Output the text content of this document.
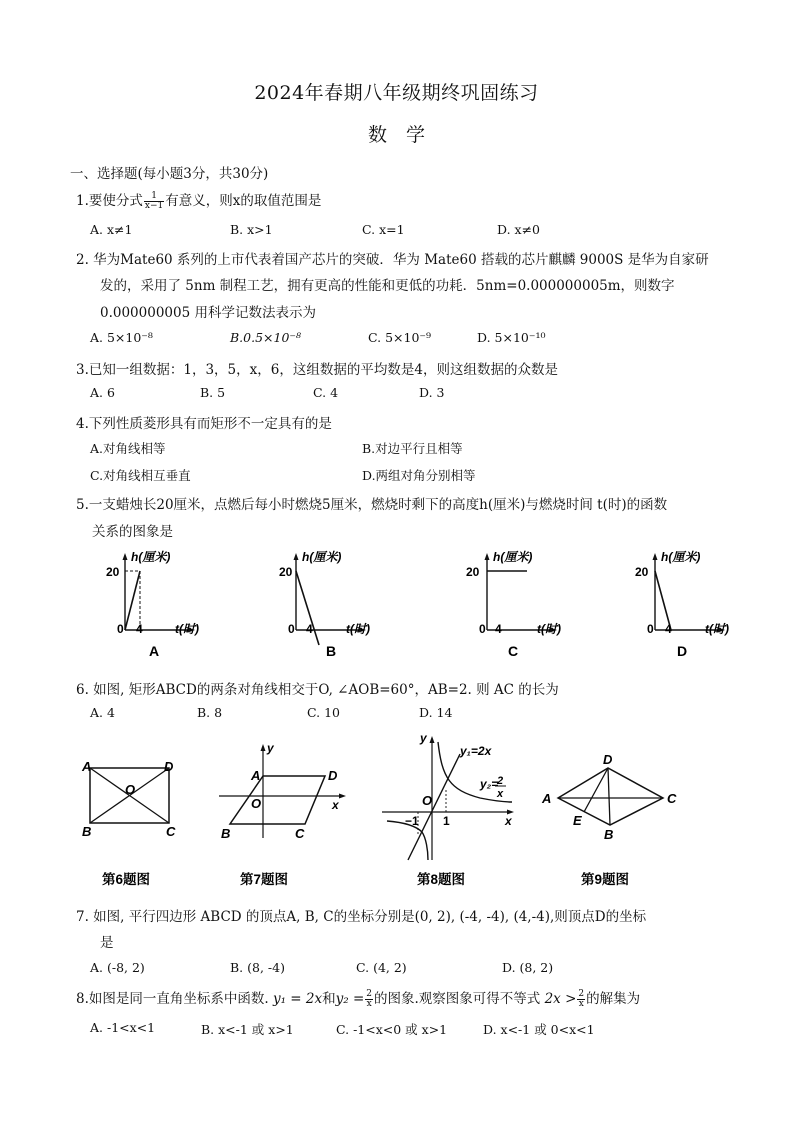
2024年春期八年级期终巩固练习
数　学
一、选择题(每小题3分，共30分)
1.要使分式 $\frac{1}{x-1}$ 有意义，则x的取值范围是
A. x≠1	B. x>1	C. x=1	D. x≠0
2. 华为Mate60 系列的上市代表着国产芯片的突破．华为 Mate60 搭载的芯片麒麟 9000S 是华为自家研
发的，采用了 5nm 制程工艺，拥有更高的性能和更低的功耗．5nm=0.000000005m，则数字
0.000000005 用科学记数法表示为
A. 5×10⁻⁸	B.0.5×10⁻⁸	C. 5×10⁻⁹	D. 5×10⁻¹⁰
3.已知一组数据：1，3，5，x，6，这组数据的平均数是4，则这组数据的众数是
A. 6	B. 5	C. 4	D. 3
4.下列性质菱形具有而矩形不一定具有的是
A.对角线相等	B.对边平行且相等
C.对角线相互垂直	D.两组对角分别相等
5.一支蜡烛长20厘米，点燃后每小时燃烧5厘米，燃烧时剩下的高度h(厘米)与燃烧时间 t(时)的函数
关系的图象是
h(厘米)
20
0 4	t(时)
A
h(厘米)
20
0 4	t(时)
B
h(厘米)
20
0 4	t(时)
C
h(厘米)
20
0 4	t(时)
D
6. 如图, 矩形ABCD的两条对角线相交于O, ∠AOB=60°，AB=2. 则 AC 的长为
A. 4	B. 8	C. 10	D. 14
A	D
O
B	C
第6题图
y
A	D
O	x
B	C
第7题图
y
y₁=2x
y₂=
2
x
O
−1 1	x
第8题图
D
A	C
E
B
第9题图
7. 如图, 平行四边形 ABCD 的顶点A, B, C的坐标分别是(0, 2), (-4, -4), (4,-4),则顶点D的坐标
是
A. (-8, 2)	B. (8, -4)	C. (4, 2)	D. (8, 2)
8.如图是同一直角坐标系中函数. y₁ = 2x和$y_2 = \frac{2}{x}$ 的图象.观察图象可得不等式 $2x > \frac{2}{x}$ 的解集为
A. -1<x<1	B. x<-1 或 x>1	C. -1<x<0 或 x>1	D. x<-1 或 0<x<1
